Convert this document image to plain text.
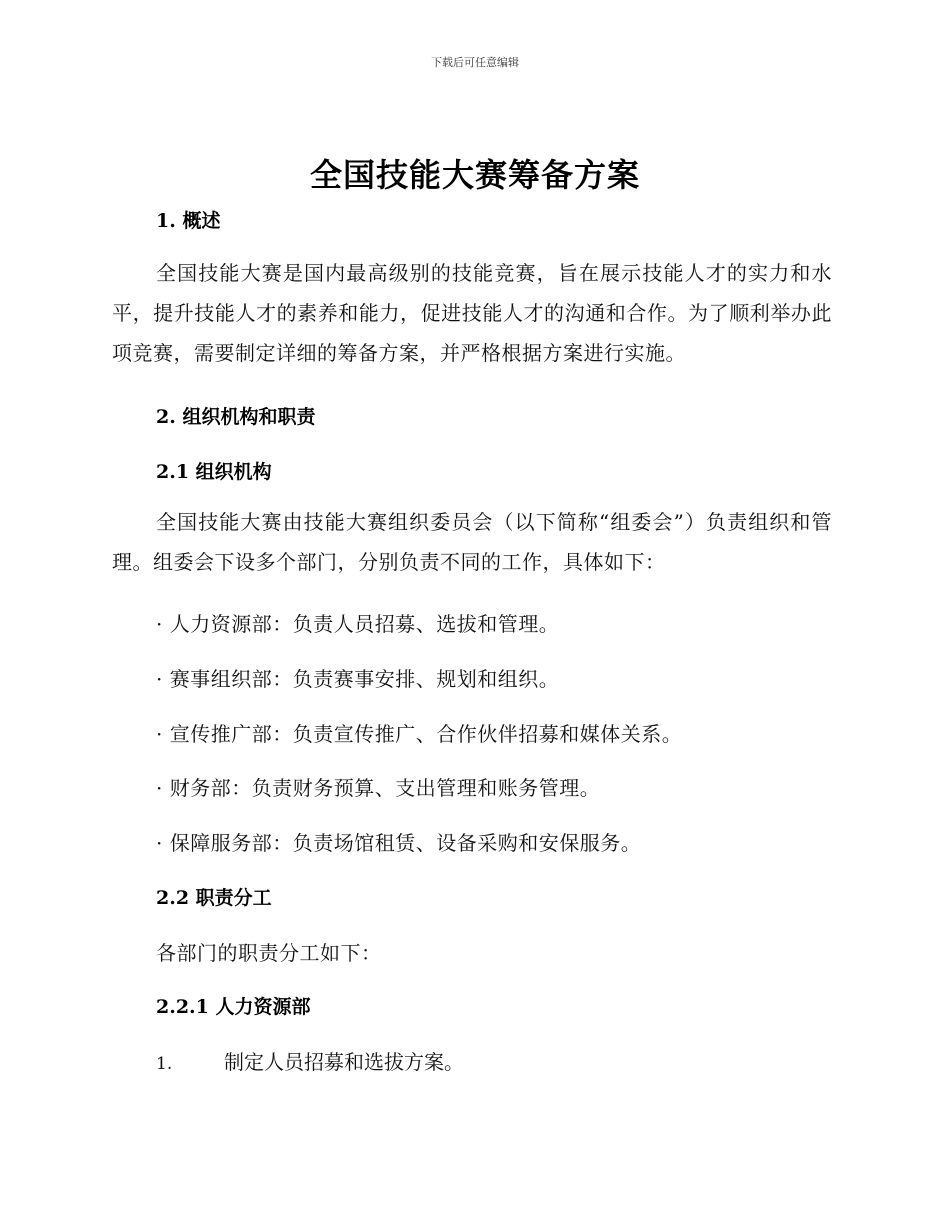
下载后可任意编辑
全国技能大赛筹备方案
1. 概述
全国技能大赛是国内最高级别的技能竞赛，旨在展示技能人才的实力和水平，提升技能人才的素养和能力，促进技能人才的沟通和合作。为了顺利举办此项竞赛，需要制定详细的筹备方案，并严格根据方案进行实施。
2. 组织机构和职责
2.1 组织机构
全国技能大赛由技能大赛组织委员会（以下简称“组委会”）负责组织和管理。组委会下设多个部门，分别负责不同的工作，具体如下：
· 人力资源部：负责人员招募、选拔和管理。
· 赛事组织部：负责赛事安排、规划和组织。
· 宣传推广部：负责宣传推广、合作伙伴招募和媒体关系。
· 财务部：负责财务预算、支出管理和账务管理。
· 保障服务部：负责场馆租赁、设备采购和安保服务。
2.2 职责分工
各部门的职责分工如下：
2.2.1 人力资源部
1.	制定人员招募和选拔方案。
